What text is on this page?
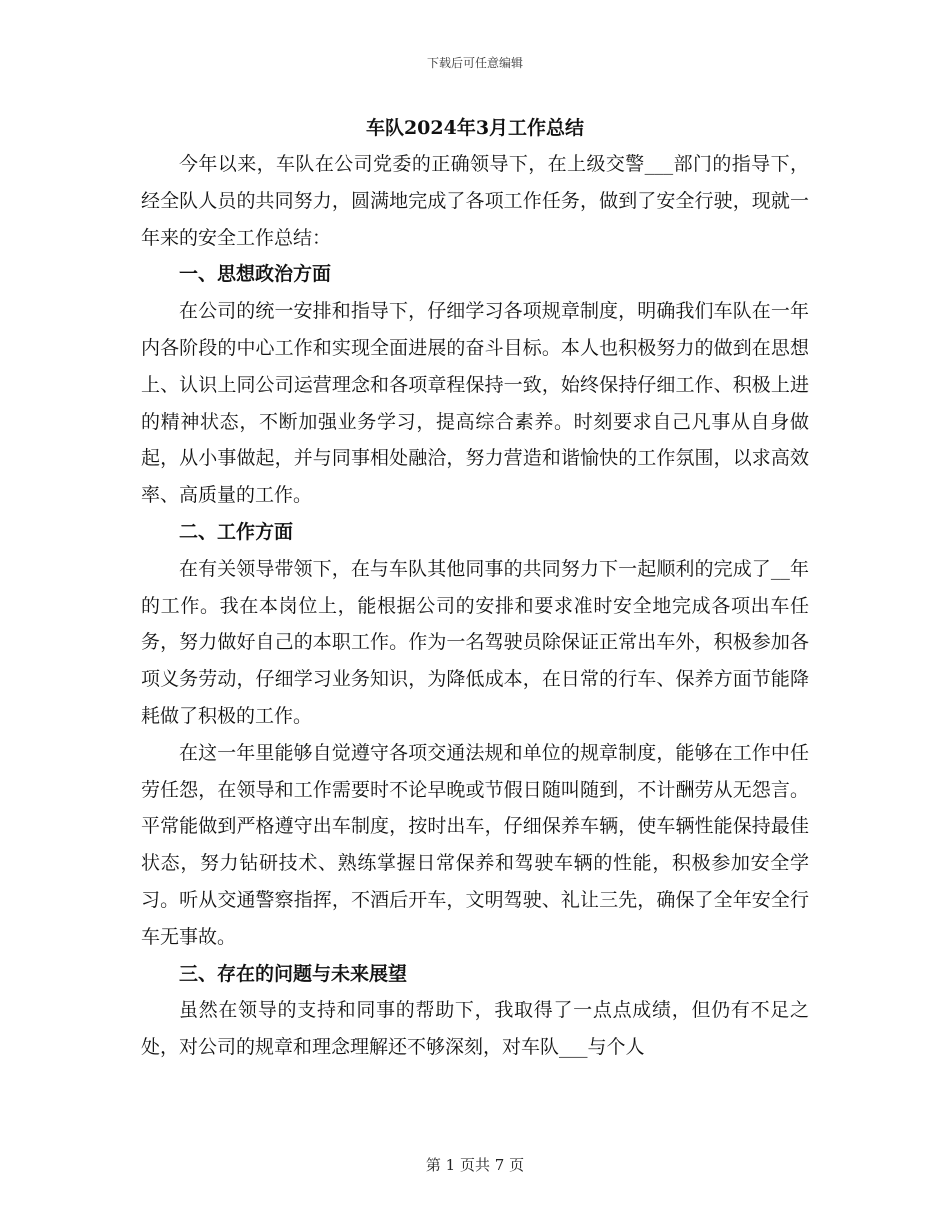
下载后可任意编辑
车队2024年3月工作总结

今年以来，车队在公司党委的正确领导下，在上级交警___部门的指导下，经全队人员的共同努力，圆满地完成了各项工作任务，做到了安全行驶，现就一年来的安全工作总结：

一、思想政治方面

在公司的统一安排和指导下，仔细学习各项规章制度，明确我们车队在一年内各阶段的中心工作和实现全面进展的奋斗目标。本人也积极努力的做到在思想上、认识上同公司运营理念和各项章程保持一致，始终保持仔细工作、积极上进的精神状态，不断加强业务学习，提高综合素养。时刻要求自己凡事从自身做起，从小事做起，并与同事相处融洽，努力营造和谐愉快的工作氛围，以求高效率、高质量的工作。

二、工作方面

在有关领导带领下，在与车队其他同事的共同努力下一起顺利的完成了__年的工作。我在本岗位上，能根据公司的安排和要求准时安全地完成各项出车任务，努力做好自己的本职工作。作为一名驾驶员除保证正常出车外，积极参加各项义务劳动，仔细学习业务知识，为降低成本，在日常的行车、保养方面节能降耗做了积极的工作。

在这一年里能够自觉遵守各项交通法规和单位的规章制度，能够在工作中任劳任怨，在领导和工作需要时不论早晚或节假日随叫随到，不计酬劳从无怨言。平常能做到严格遵守出车制度，按时出车，仔细保养车辆，使车辆性能保持最佳状态，努力钻研技术、熟练掌握日常保养和驾驶车辆的性能，积极参加安全学习。听从交通警察指挥，不酒后开车，文明驾驶、礼让三先，确保了全年安全行车无事故。

三、存在的问题与未来展望

虽然在领导的支持和同事的帮助下，我取得了一点点成绩，但仍有不足之处，对公司的规章和理念理解还不够深刻，对车队___与个人

第 1 页共 7 页
